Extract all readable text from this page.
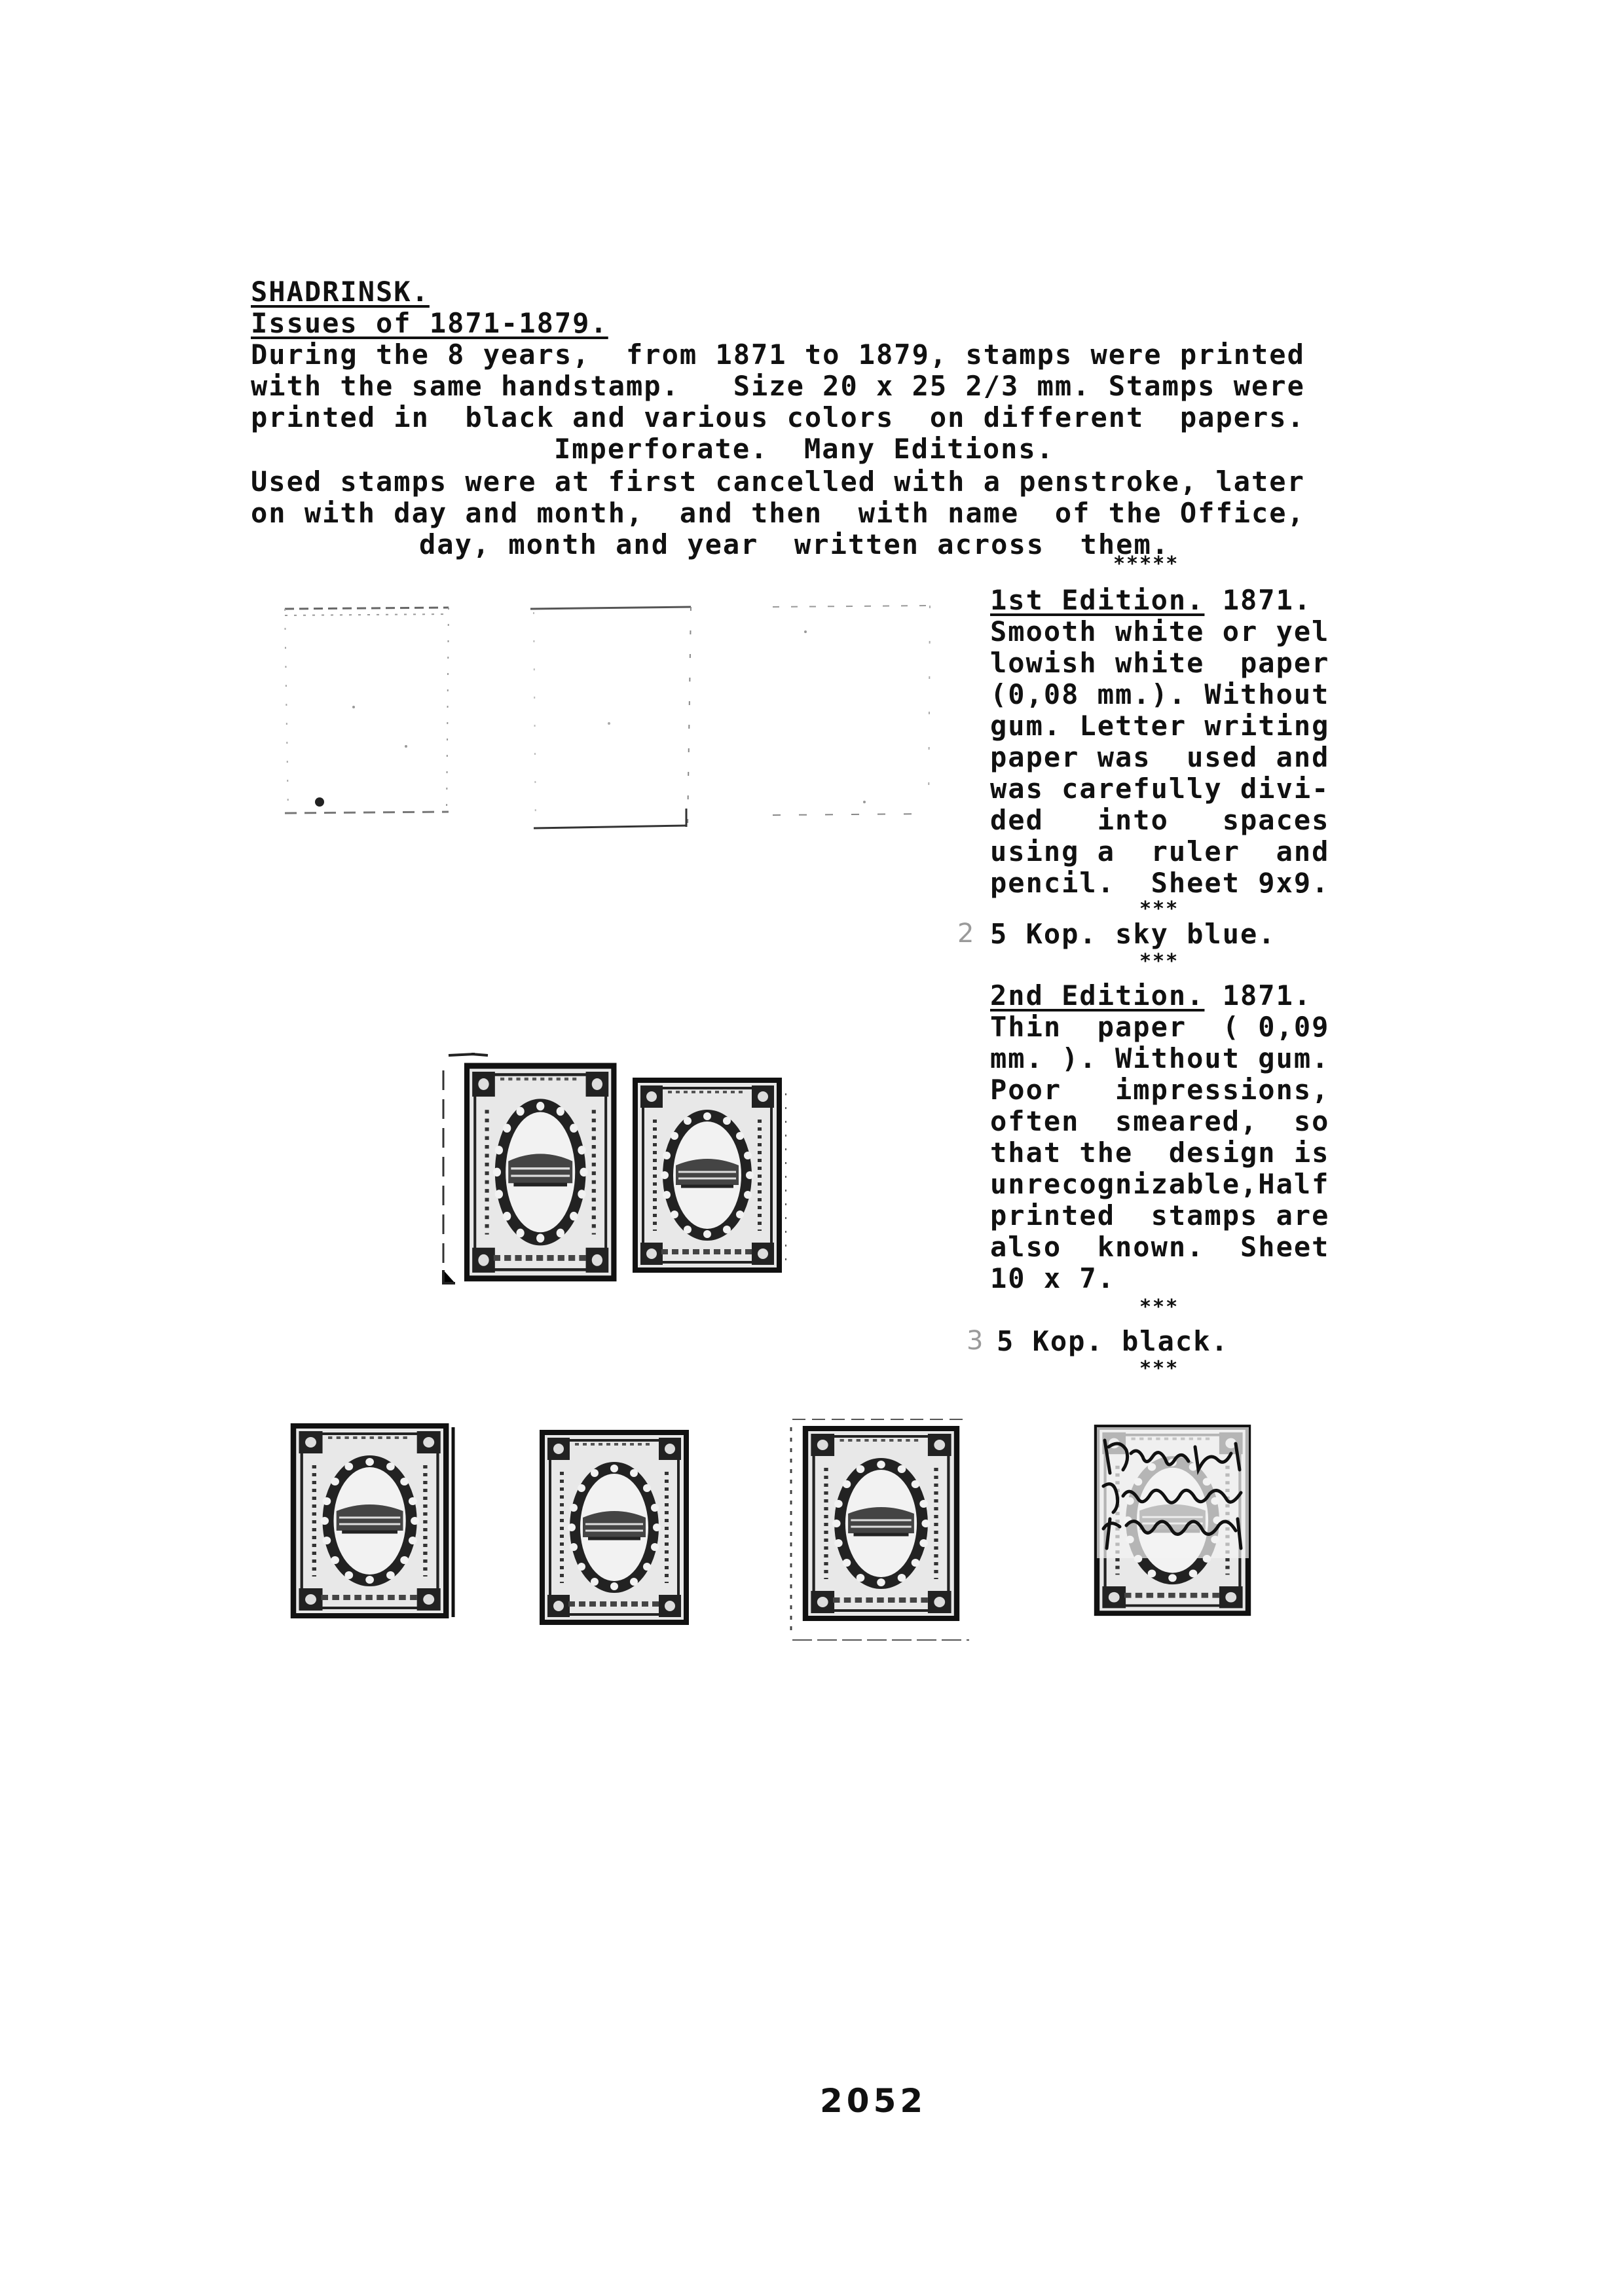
SHADRINSK.
Issues of 1871-1879.
During the 8 years,  from 1871 to 1879, stamps were printed
with the same handstamp.   Size 20 x 25 2/3 mm. Stamps were
printed in  black and various colors  on different  papers.
Imperforate.  Many Editions.
Used stamps were at first cancelled with a penstroke, later
on with day and month,  and then  with name  of the Office,
day, month and year  written across  them.
*****
1st Edition. 1871.
Smooth white or yel
lowish white  paper
(0,08 mm.). Without
gum. Letter writing
paper was  used and
was carefully divi-
ded   into   spaces
using a  ruler  and
pencil.  Sheet 9x9.
***
2 5 Kop. sky blue.
***
2nd Edition. 1871.
Thin  paper  ( 0,09
mm. ). Without gum.
Poor   impressions,
often  smeared,  so
that the  design is
unrecognizable,Half
printed  stamps are
also  known.  Sheet
10 x 7.
***
3 5 Kop. black.
***
2052
